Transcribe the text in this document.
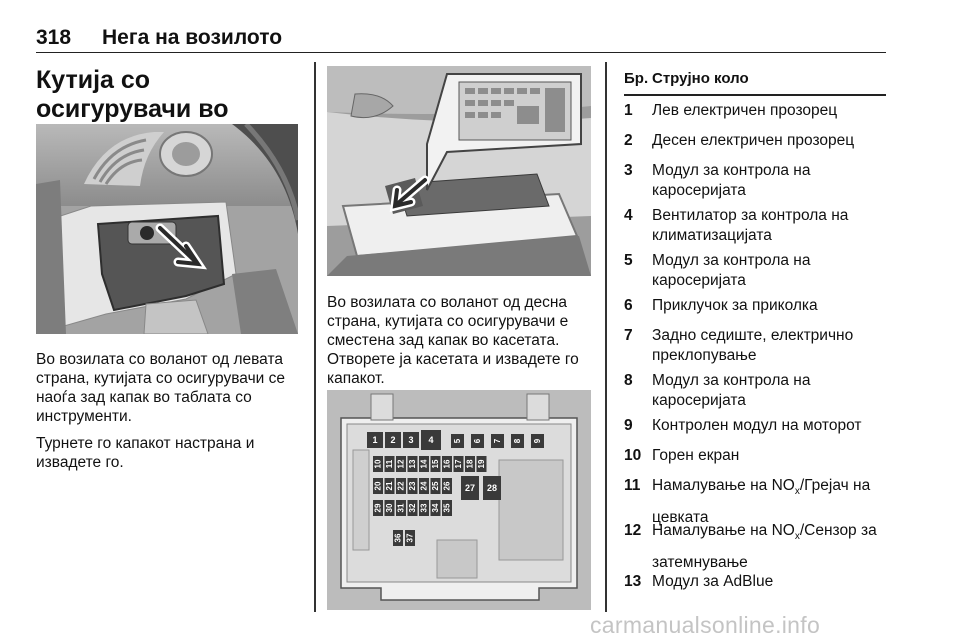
318 Нега на возилото
Кутија со осигурувачи во

Во возилата со воланот од левата страна, кутијата со осигурувачи се наоѓа зад капак во таблата со инструменти.

Турнете го капакот настрана и извадете го.

Во возилата со воланот од десна страна, кутијата со осигурувачи е сместена зад капак во касетата. Отворете ја касетата и извадете го капакот.

1 2 3 4 5 6 7 8 9
10 11 12 13 14 15 16 17 18 19
20 21 22 23 24 25 26 27 28
29 30 31 32 33 34 35
36 37
Бр. Струјно коло
1 Лев електричен прозорец
2 Десен електричен прозорец
3 Модул за контрола на каросеријата
4 Вентилатор за контрола на климатизацијата
5 Модул за контрола на каросеријата
6 Приклучок за приколка
7 Задно седиште, електрично преклопување
8 Модул за контрола на каросеријата
9 Контролен модул на моторот
10 Горен екран
11 Намалување на $NO_x$/Грејач на цевката
12 Намалување на $NO_x$/Сензор за затемнување
13 Модул за AdBlue
carmanualsonline.info
